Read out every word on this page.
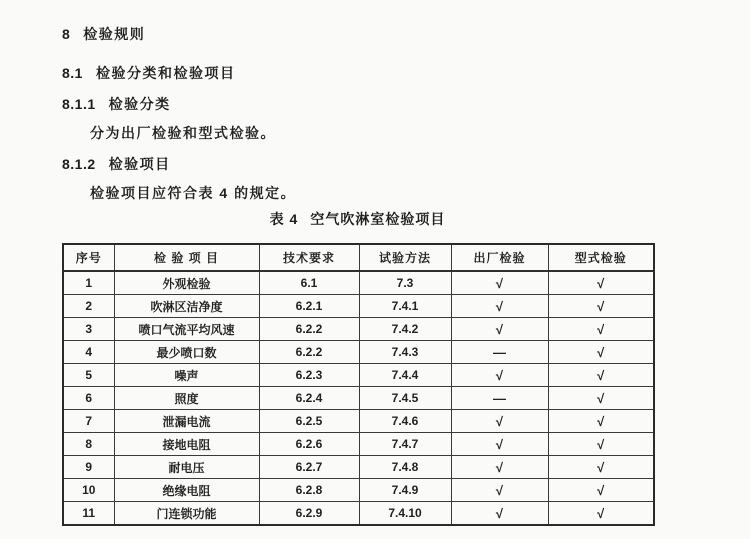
8 检验规则
8.1 检验分类和检验项目
8.1.1 检验分类
分为出厂检验和型式检验。
8.1.2 检验项目
检验项目应符合表 4 的规定。
表 4 空气吹淋室检验项目
序号	检 验 项 目	技术要求	试验方法	出厂检验	型式检验
1	外观检验	6.1	7.3	√	√
2	吹淋区洁净度	6.2.1	7.4.1	√	√
3	喷口气流平均风速	6.2.2	7.4.2	√	√
4	最少喷口数	6.2.2	7.4.3	—	√
5	噪声	6.2.3	7.4.4	√	√
6	照度	6.2.4	7.4.5	—	√
7	泄漏电流	6.2.5	7.4.6	√	√
8	接地电阻	6.2.6	7.4.7	√	√
9	耐电压	6.2.7	7.4.8	√	√
10	绝缘电阻	6.2.8	7.4.9	√	√
11	门连锁功能	6.2.9	7.4.10	√	√
